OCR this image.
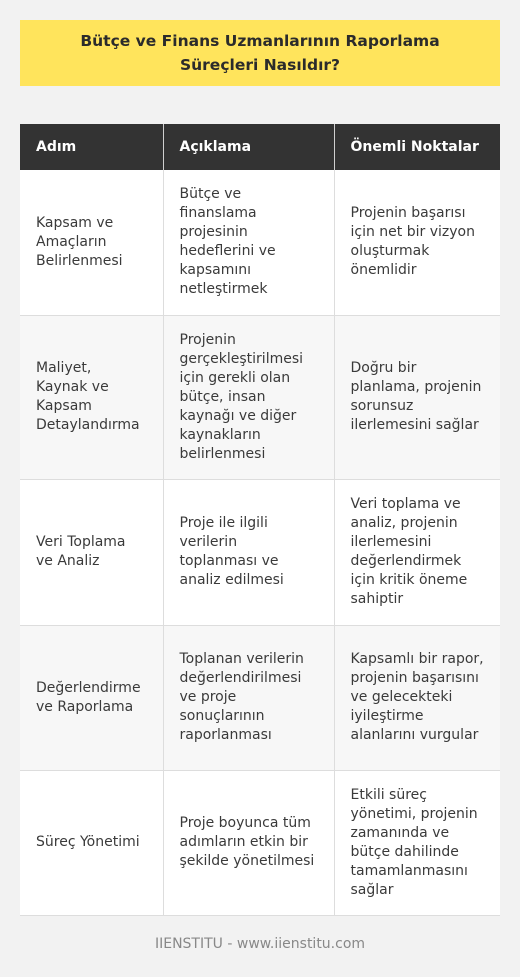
Bütçe ve Finans Uzmanlarının Raporlama Süreçleri Nasıldır?
Adım	Açıklama	Önemli Noktalar
Kapsam ve Amaçların Belirlenmesi	Bütçe ve finanslama projesinin hedeflerini ve kapsamını netleştirmek	Projenin başarısı için net bir vizyon oluşturmak önemlidir
Maliyet, Kaynak ve Kapsam Detaylandırma	Projenin gerçekleştirilmesi için gerekli olan bütçe, insan kaynağı ve diğer kaynakların belirlenmesi	Doğru bir planlama, projenin sorunsuz ilerlemesini sağlar
Veri Toplama ve Analiz	Proje ile ilgili verilerin toplanması ve analiz edilmesi	Veri toplama ve analiz, projenin ilerlemesini değerlendirmek için kritik öneme sahiptir
Değerlendirme ve Raporlama	Toplanan verilerin değerlendirilmesi ve proje sonuçlarının raporlanması	Kapsamlı bir rapor, projenin başarısını ve gelecekteki iyileştirme alanlarını vurgular
Süreç Yönetimi	Proje boyunca tüm adımların etkin bir şekilde yönetilmesi	Etkili süreç yönetimi, projenin zamanında ve bütçe dahilinde tamamlanmasını sağlar
IIENSTITU - www.iienstitu.com
